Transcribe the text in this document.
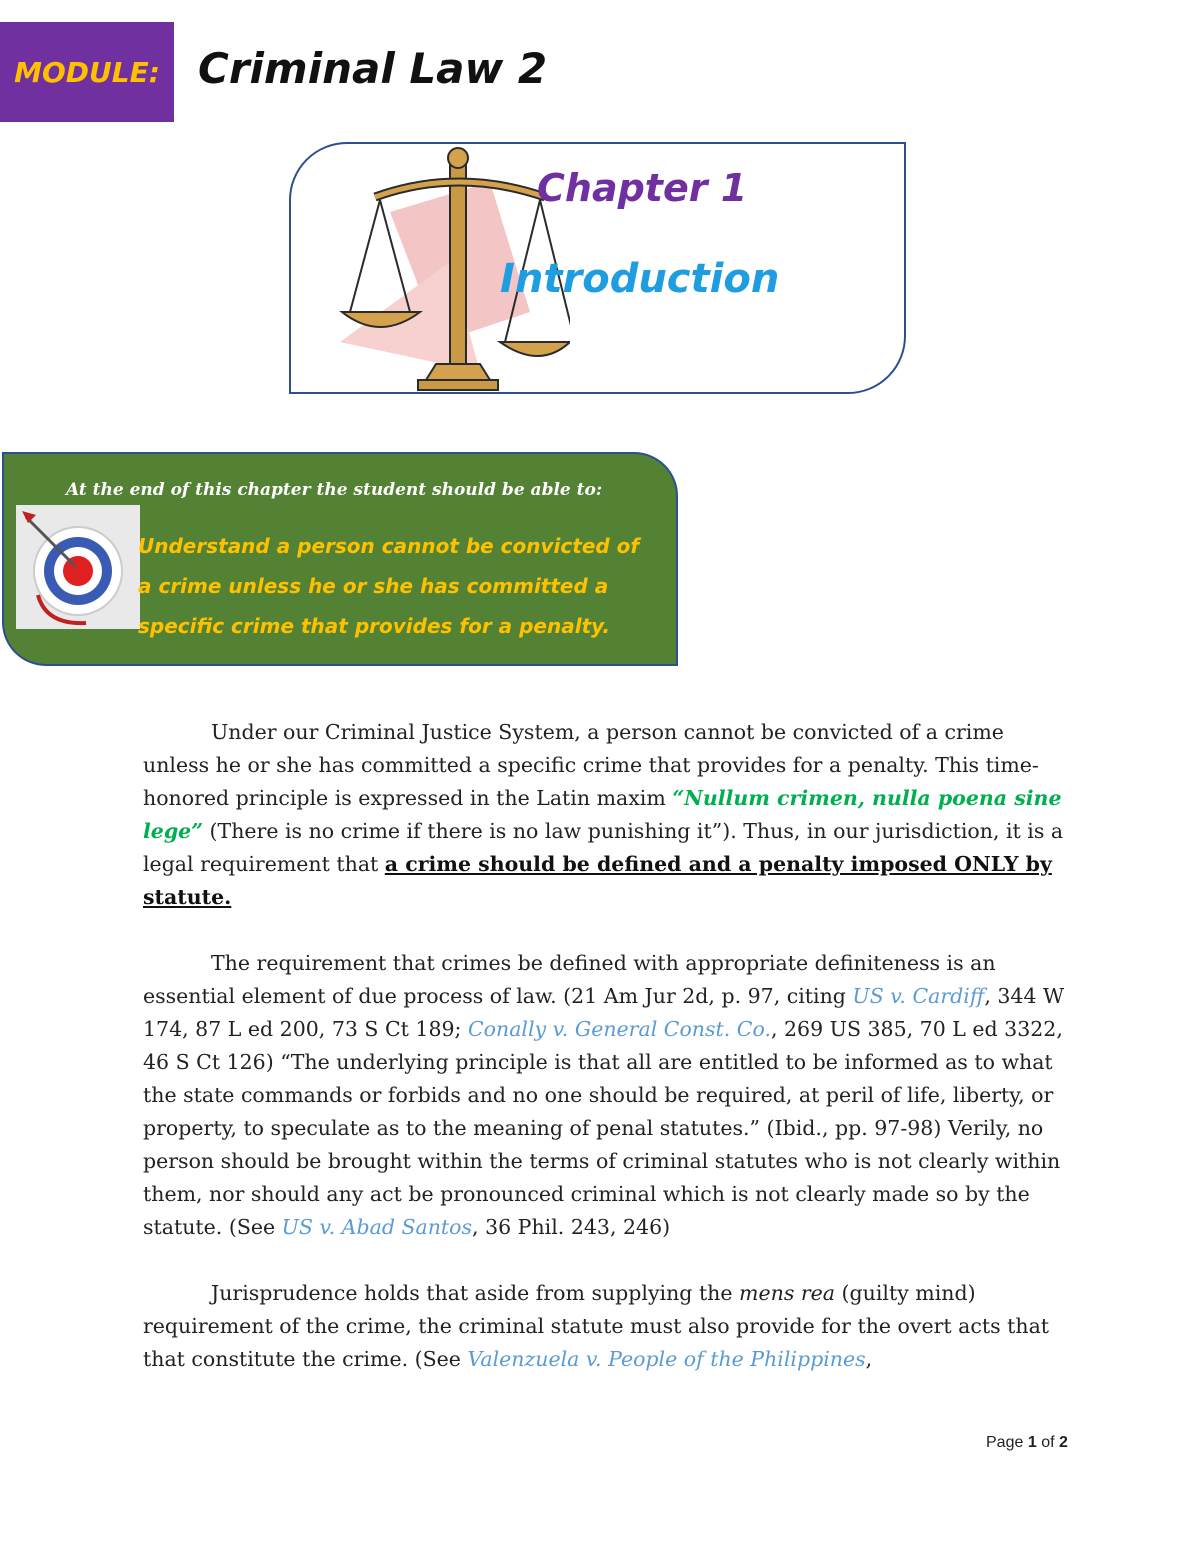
MODULE: Criminal Law 2
Chapter 1
Introduction
At the end of this chapter the student should be able to:
Understand a person cannot be convicted of a crime unless he or she has committed a specific crime that provides for a penalty.

Under our Criminal Justice System, a person cannot be convicted of a crime unless he or she has committed a specific crime that provides for a penalty. This time-honored principle is expressed in the Latin maxim “Nullum crimen, nulla poena sine lege” (There is no crime if there is no law punishing it”). Thus, in our jurisdiction, it is a legal requirement that a crime should be defined and a penalty imposed ONLY by statute.

The requirement that crimes be defined with appropriate definiteness is an essential element of due process of law. (21 Am Jur 2d, p. 97, citing US v. Cardiff, 344 W 174, 87 L ed 200, 73 S Ct 189; Conally v. General Const. Co., 269 US 385, 70 L ed 3322, 46 S Ct 126) “The underlying principle is that all are entitled to be informed as to what the state commands or forbids and no one should be required, at peril of life, liberty, or property, to speculate as to the meaning of penal statutes.” (Ibid., pp. 97-98) Verily, no person should be brought within the terms of criminal statutes who is not clearly within them, nor should any act be pronounced criminal which is not clearly made so by the statute. (See US v. Abad Santos, 36 Phil. 243, 246)

Jurisprudence holds that aside from supplying the mens rea (guilty mind) requirement of the crime, the criminal statute must also provide for the overt acts that that constitute the crime. (See Valenzuela v. People of the Philippines,

Page 1 of 2
